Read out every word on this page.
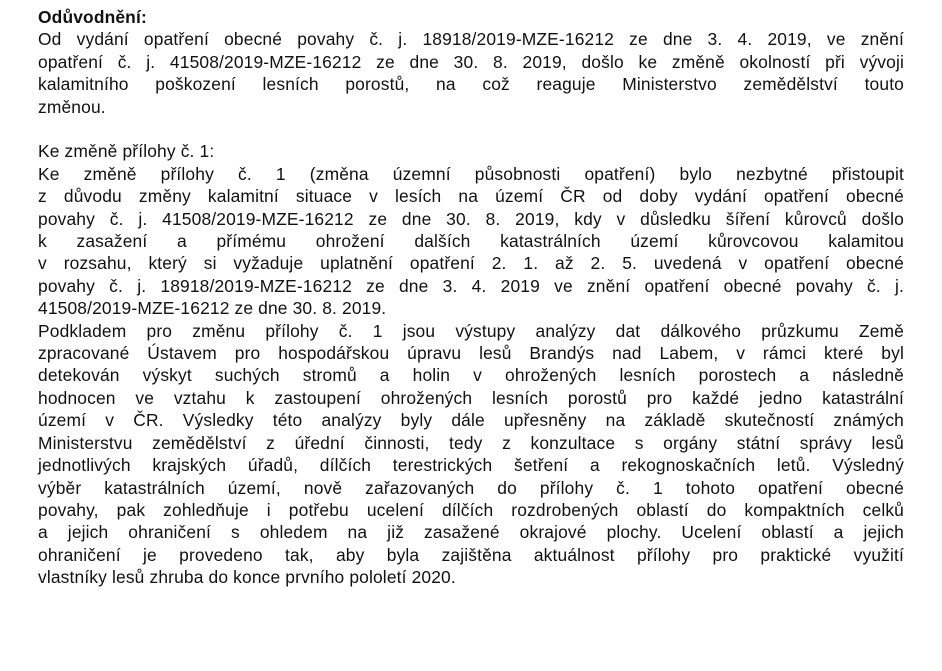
Odůvodnění:
Od vydání opatření obecné povahy č. j. 18918/2019-MZE-16212 ze dne 3. 4. 2019, ve znění
opatření č. j. 41508/2019-MZE-16212 ze dne 30. 8. 2019, došlo ke změně okolností při vývoji
kalamitního poškození lesních porostů, na což reaguje Ministerstvo zemědělství touto
změnou.
Ke změně přílohy č. 1:
Ke změně přílohy č. 1 (změna územní působnosti opatření) bylo nezbytné přistoupit
z důvodu změny kalamitní situace v lesích na území ČR od doby vydání opatření obecné
povahy č. j. 41508/2019-MZE-16212 ze dne 30. 8. 2019, kdy v důsledku šíření kůrovců došlo
k zasažení a přímému ohrožení dalších katastrálních území kůrovcovou kalamitou
v rozsahu, který si vyžaduje uplatnění opatření 2. 1. až 2. 5. uvedená v opatření obecné
povahy č. j. 18918/2019-MZE-16212 ze dne 3. 4. 2019 ve znění opatření obecné povahy č. j.
41508/2019-MZE-16212 ze dne 30. 8. 2019.
Podkladem pro změnu přílohy č. 1 jsou výstupy analýzy dat dálkového průzkumu Země
zpracované Ústavem pro hospodářskou úpravu lesů Brandýs nad Labem, v rámci které byl
detekován výskyt suchých stromů a holin v ohrožených lesních porostech a následně
hodnocen ve vztahu k zastoupení ohrožených lesních porostů pro každé jedno katastrální
území v ČR. Výsledky této analýzy byly dále upřesněny na základě skutečností známých
Ministerstvu zemědělství z úřední činnosti, tedy z konzultace s orgány státní správy lesů
jednotlivých krajských úřadů, dílčích terestrických šetření a rekognoskačních letů. Výsledný
výběr katastrálních území, nově zařazovaných do přílohy č. 1 tohoto opatření obecné
povahy, pak zohledňuje i potřebu ucelení dílčích rozdrobených oblastí do kompaktních celků
a jejich ohraničení s ohledem na již zasažené okrajové plochy. Ucelení oblastí a jejich
ohraničení je provedeno tak, aby byla zajištěna aktuálnost přílohy pro praktické využití
vlastníky lesů zhruba do konce prvního pololetí 2020.
